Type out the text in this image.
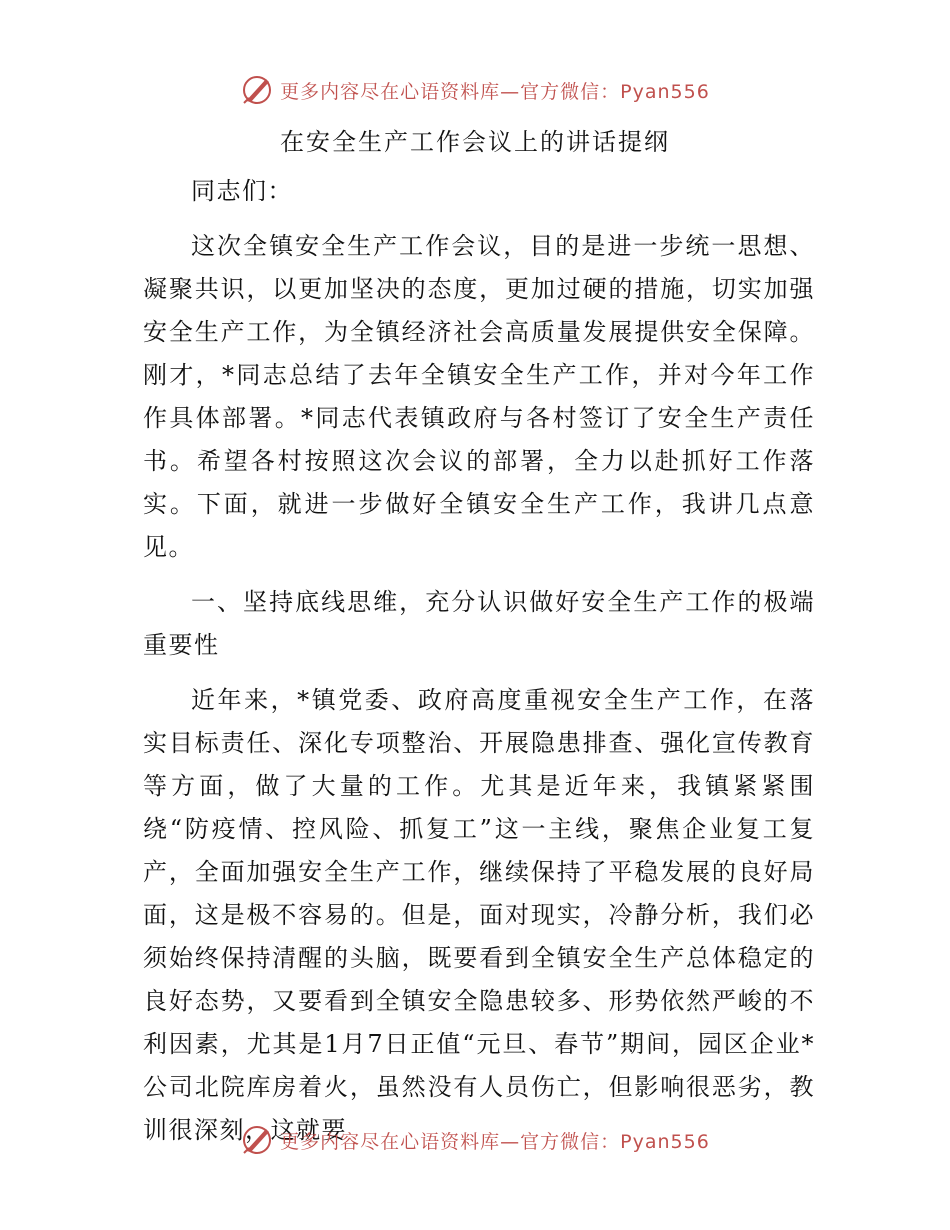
更多内容尽在心语资料库—官方微信：Pyan556
在安全生产工作会议上的讲话提纲

同志们：

这次全镇安全生产工作会议，目的是进一步统一思想、凝聚共识，以更加坚决的态度，更加过硬的措施，切实加强安全生产工作，为全镇经济社会高质量发展提供安全保障。刚才，*同志总结了去年全镇安全生产工作，并对今年工作作具体部署。*同志代表镇政府与各村签订了安全生产责任书。希望各村按照这次会议的部署，全力以赴抓好工作落实。下面，就进一步做好全镇安全生产工作，我讲几点意见。

一、坚持底线思维，充分认识做好安全生产工作的极端重要性

近年来，*镇党委、政府高度重视安全生产工作，在落实目标责任、深化专项整治、开展隐患排查、强化宣传教育等方面，做了大量的工作。尤其是近年来，我镇紧紧围绕“防疫情、控风险、抓复工”这一主线，聚焦企业复工复产，全面加强安全生产工作，继续保持了平稳发展的良好局面，这是极不容易的。但是，面对现实，冷静分析，我们必须始终保持清醒的头脑，既要看到全镇安全生产总体稳定的良好态势，又要看到全镇安全隐患较多、形势依然严峻的不利因素，尤其是1月7日正值“元旦、春节”期间，园区企业*公司北院库房着火，虽然没有人员伤亡，但影响很恶劣，教训很深刻，这就要

更多内容尽在心语资料库—官方微信：Pyan556
